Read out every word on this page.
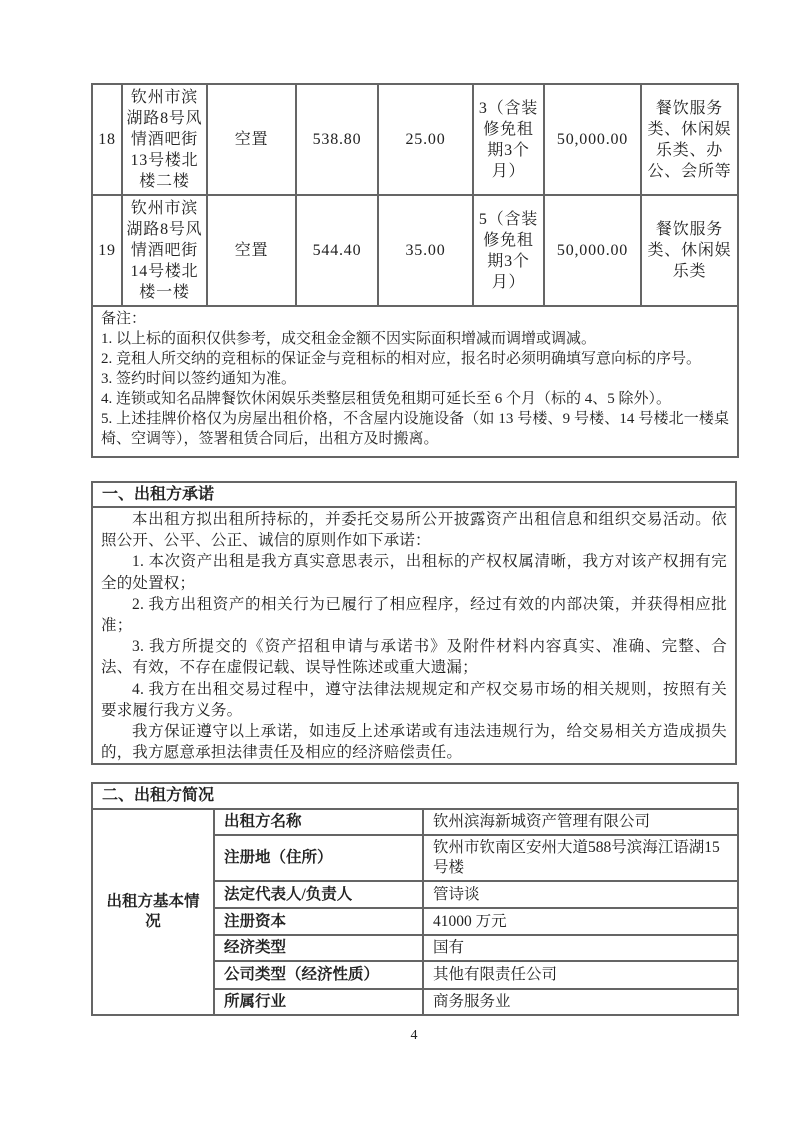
18	钦州市滨湖路8号风情酒吧街13号楼北楼二楼	空置	538.80	25.00	3（含装修免租期3个月）	50,000.00	餐饮服务类、休闲娱乐类、办公、会所等
19	钦州市滨湖路8号风情酒吧街14号楼北楼一楼	空置	544.40	35.00	5（含装修免租期3个月）	50,000.00	餐饮服务类、休闲娱乐类

备注：

1. 以上标的面积仅供参考，成交租金金额不因实际面积增减而调增或调减。

2. 竞租人所交纳的竞租标的保证金与竞租标的相对应，报名时必须明确填写意向标的序号。

3. 签约时间以签约通知为准。

4. 连锁或知名品牌餐饮休闲娱乐类整层租赁免租期可延长至 6 个月（标的 4、5 除外）。

5. 上述挂牌价格仅为房屋出租价格，不含屋内设施设备（如 13 号楼、9 号楼、14 号楼北一楼桌椅、空调等），签署租赁合同后，出租方及时搬离。

一、出租方承诺

本出租方拟出租所持标的，并委托交易所公开披露资产出租信息和组织交易活动。依照公开、公平、公正、诚信的原则作如下承诺：

1. 本次资产出租是我方真实意思表示，出租标的产权权属清晰，我方对该产权拥有完全的处置权；

2. 我方出租资产的相关行为已履行了相应程序，经过有效的内部决策，并获得相应批准；

3. 我方所提交的《资产招租申请与承诺书》及附件材料内容真实、准确、完整、合法、有效，不存在虚假记载、误导性陈述或重大遗漏；

4. 我方在出租交易过程中，遵守法律法规规定和产权交易市场的相关规则，按照有关要求履行我方义务。

我方保证遵守以上承诺，如违反上述承诺或有违法违规行为，给交易相关方造成损失的，我方愿意承担法律责任及相应的经济赔偿责任。

二、出租方简况		
出租方基本情况	出租方名称	钦州滨海新城资产管理有限公司
	注册地（住所）	钦州市钦南区安州大道588号滨海江语湖15号楼
	法定代表人/负责人	管诗谈
	注册资本	41000 万元
	经济类型	国有
	公司类型（经济性质）	其他有限责任公司
	所属行业	商务服务业
4
